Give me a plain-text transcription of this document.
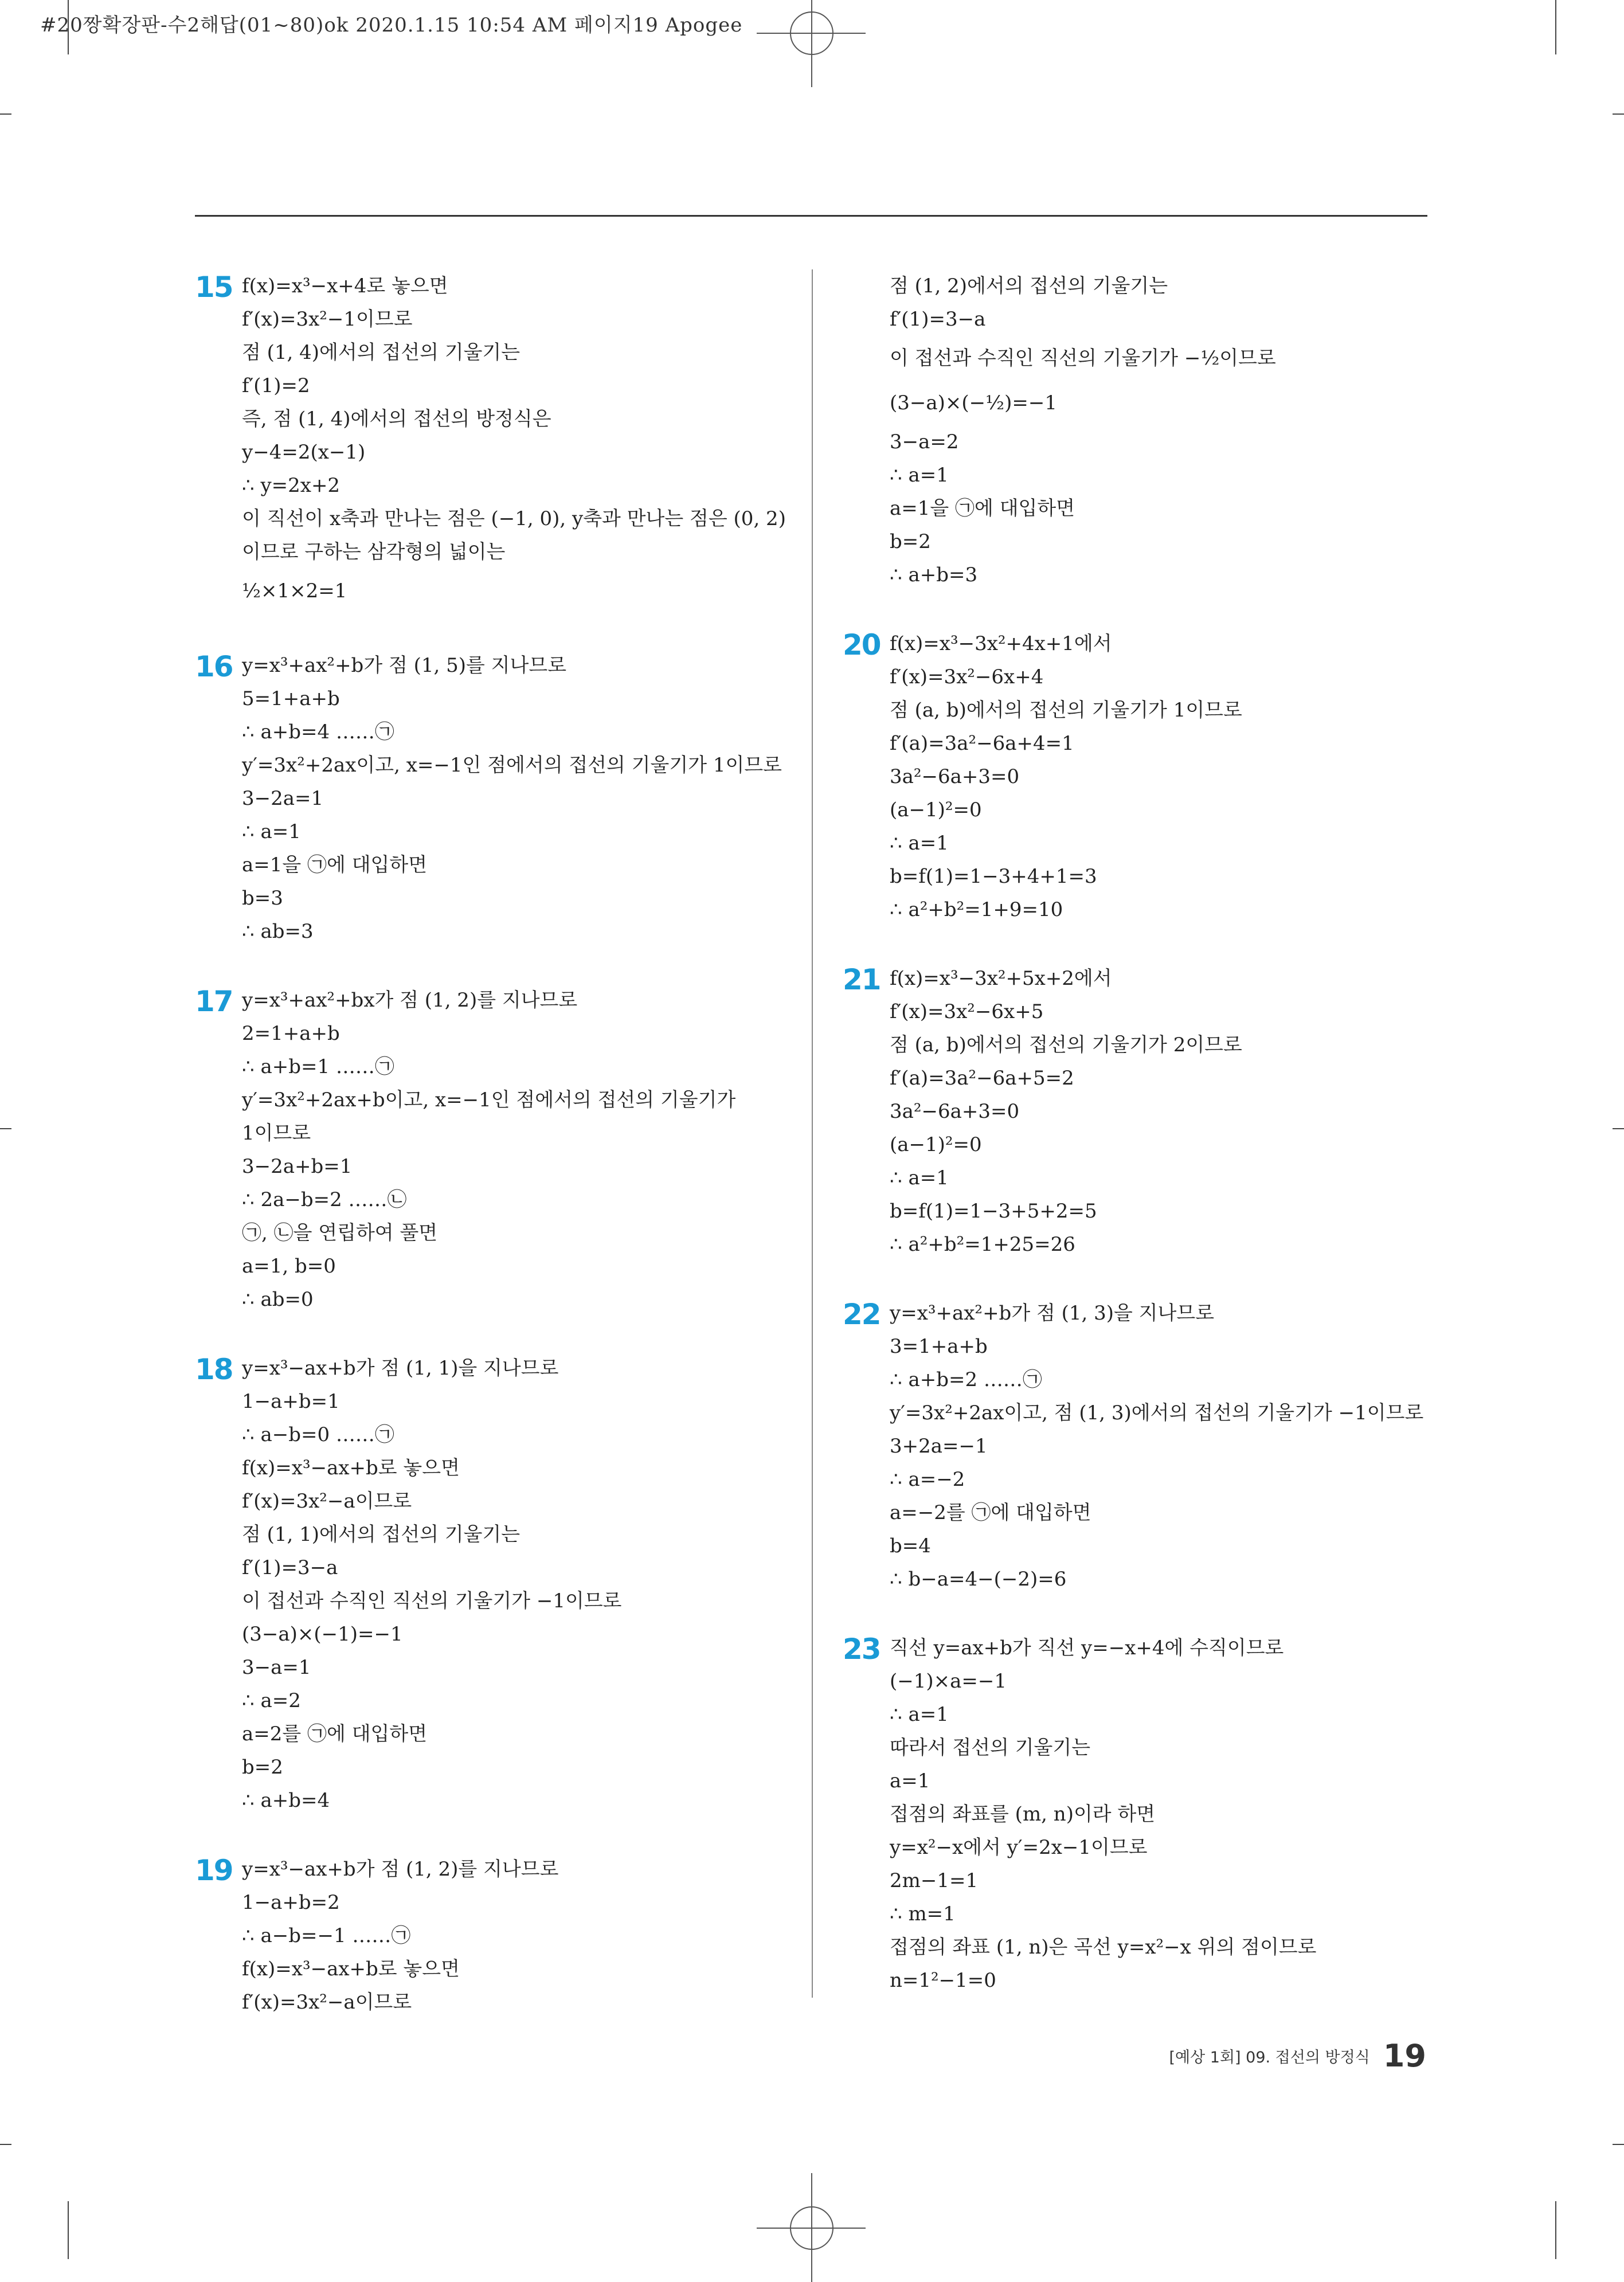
#20짱확장판-수2해답(01~80)ok 2020.1.15 10:54 AM 페이지19 Apogee
15 f(x)=x³−x+4로 놓으면
f′(x)=3x²−1이므로
점 (1, 4)에서의 접선의 기울기는
f′(1)=2
즉, 점 (1, 4)에서의 접선의 방정식은
y−4=2(x−1)
∴ y=2x+2
이 직선이 x축과 만나는 점은 (−1, 0), y축과 만나는 점은 (0, 2)
이므로 구하는 삼각형의 넓이는
½×1×2=1
16 y=x³+ax²+b가 점 (1, 5)를 지나므로
5=1+a+b
∴ a+b=4 ……㉠
y′=3x²+2ax이고, x=−1인 점에서의 접선의 기울기가 1이므로
3−2a=1
∴ a=1
a=1을 ㉠에 대입하면
b=3
∴ ab=3
17 y=x³+ax²+bx가 점 (1, 2)를 지나므로
2=1+a+b
∴ a+b=1 ……㉠
y′=3x²+2ax+b이고, x=−1인 점에서의 접선의 기울기가
1이므로
3−2a+b=1
∴ 2a−b=2 ……㉡
㉠, ㉡을 연립하여 풀면
a=1, b=0
∴ ab=0
18 y=x³−ax+b가 점 (1, 1)을 지나므로
1−a+b=1
∴ a−b=0 ……㉠
f(x)=x³−ax+b로 놓으면
f′(x)=3x²−a이므로
점 (1, 1)에서의 접선의 기울기는
f′(1)=3−a
이 접선과 수직인 직선의 기울기가 −1이므로
(3−a)×(−1)=−1
3−a=1
∴ a=2
a=2를 ㉠에 대입하면
b=2
∴ a+b=4
19 y=x³−ax+b가 점 (1, 2)를 지나므로
1−a+b=2
∴ a−b=−1 ……㉠
f(x)=x³−ax+b로 놓으면
f′(x)=3x²−a이므로
점 (1, 2)에서의 접선의 기울기는
f′(1)=3−a
이 접선과 수직인 직선의 기울기가 −½이므로
(3−a)×(−½)=−1
3−a=2
∴ a=1
a=1을 ㉠에 대입하면
b=2
∴ a+b=3
20 f(x)=x³−3x²+4x+1에서
f′(x)=3x²−6x+4
점 (a, b)에서의 접선의 기울기가 1이므로
f′(a)=3a²−6a+4=1
3a²−6a+3=0
(a−1)²=0
∴ a=1
b=f(1)=1−3+4+1=3
∴ a²+b²=1+9=10
21 f(x)=x³−3x²+5x+2에서
f′(x)=3x²−6x+5
점 (a, b)에서의 접선의 기울기가 2이므로
f′(a)=3a²−6a+5=2
3a²−6a+3=0
(a−1)²=0
∴ a=1
b=f(1)=1−3+5+2=5
∴ a²+b²=1+25=26
22 y=x³+ax²+b가 점 (1, 3)을 지나므로
3=1+a+b
∴ a+b=2 ……㉠
y′=3x²+2ax이고, 점 (1, 3)에서의 접선의 기울기가 −1이므로
3+2a=−1
∴ a=−2
a=−2를 ㉠에 대입하면
b=4
∴ b−a=4−(−2)=6
23 직선 y=ax+b가 직선 y=−x+4에 수직이므로
(−1)×a=−1
∴ a=1
따라서 접선의 기울기는
a=1
접점의 좌표를 (m, n)이라 하면
y=x²−x에서 y′=2x−1이므로
2m−1=1
∴ m=1
접점의 좌표 (1, n)은 곡선 y=x²−x 위의 점이므로
n=1²−1=0
[예상 1회] 09. 접선의 방정식 19
